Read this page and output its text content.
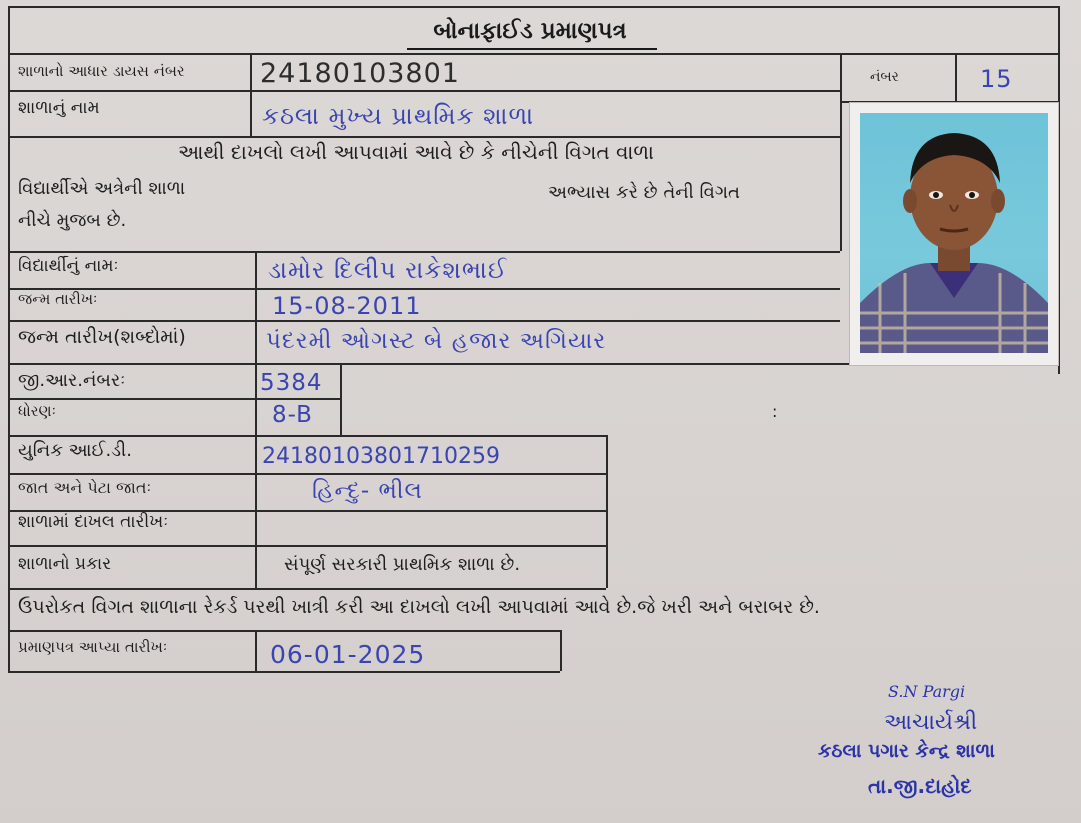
બોનાફાઈડ પ્રમાણપત્ર
શાળાનો આધાર ડાયસ નંબર	24180103801	નંબર	15
શાળાનું નામ	કઠલા મુખ્ય પ્રાથમિક શાળા
આથી દાખલો લખી આપવામાં આવે છે કે નીચેની વિગત વાળા
વિદ્યાર્થીએ અત્રેની શાળા	અભ્યાસ કરે છે તેની વિગત
નીચે મુજબ છે.
વિદ્યાર્થીનું નામઃ	ડામોર દિલીપ રાકેશભાઈ
જન્મ તારીખઃ	15-08-2011
જન્મ તારીખ(શબ્દોમાં)	પંદરમી ઓગસ્ટ બે હજાર અગિયાર
જી.આર.નંબરઃ	5384
ધોરણઃ	8-B	:
યુનિક આઈ.ડી.	24180103801710259
જાત અને પેટા જાતઃ	હિન્દુ- ભીલ
શાળામાં દાખલ તારીખઃ
શાળાનો પ્રકાર	સંપૂર્ણ સરકારી પ્રાથમિક શાળા છે.
ઉપરોકત વિગત શાળાના રેકર્ડ પરથી ખાત્રી કરી આ દાખલો લખી આપવામાં આવે છે.જે ખરી અને બરાબર છે.
પ્રમાણપત્ર આપ્યા તારીખઃ	06-01-2025
S.N Pargi
આચાર્યશ્રી
કઠલા પગાર કેન્દ્ર શાળા
તા.જી.દાહોદ
